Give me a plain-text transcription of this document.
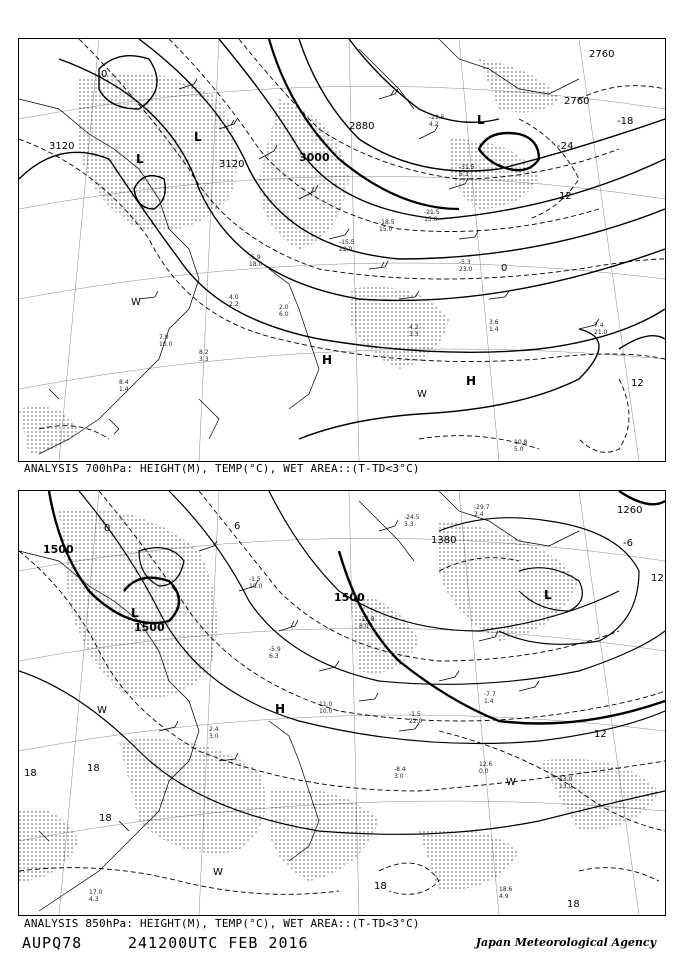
-29.5
4.2
-31.5
6.3
-21.5
15.0
-5.3
23.0
3.6
1.4
7.4
21.0
10.8
5.0
4.2
3.3
7.0
10.0
8.2
3.3
8.4
1.4
-5.9
18.0
-15.5
22.0
-18.5
15.0
4.0
2.2	2.0
6.0
3120
3120
3000
2880
2760
2760
-18
-24
12
12
0
0
L
L
L
H
H
W
W
ANALYSIS 700hPa: HEIGHT(M), TEMP(°C), WET AREA::(T-TD<3°C)
-29.7
2.4
-24.5
3.3
-15.8
8.0
-7.7
1.4
13.0
13.0
12.6
0.0
18.6
4.9
17.0
4.3
-8.4
3.0
11.0
10.0	-1.5
22.0
-1.5
18.0
-5.9
6.3
2.4
3.0
1500
1500
1500
1380
1260
12
12
18	18
18
18
18
-6
0	6
L
L
H
W
W
W
ANALYSIS 850hPa: HEIGHT(M), TEMP(°C), WET AREA::(T-TD<3°C)
AUPQ78	241200UTC FEB 2016	Japan Meteorological Agency
